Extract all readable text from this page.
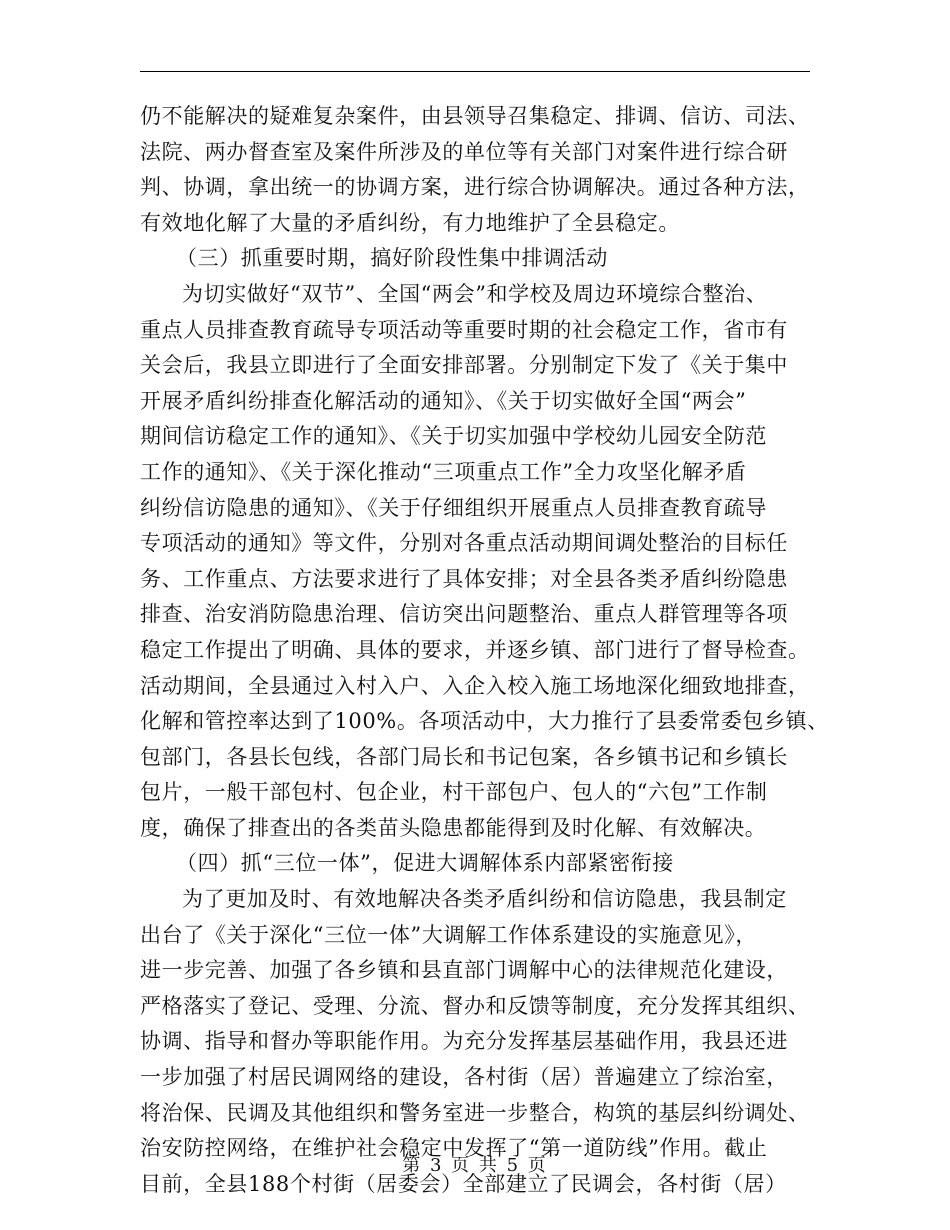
仍不能解决的疑难复杂案件，由县领导召集稳定、排调、信访、司法、
法院、两办督查室及案件所涉及的单位等有关部门对案件进行综合研
判、协调，拿出统一的协调方案，进行综合协调解决。通过各种方法，
有效地化解了大量的矛盾纠纷，有力地维护了全县稳定。
（三）抓重要时期，搞好阶段性集中排调活动
为切实做好“双节”、全国“两会”和学校及周边环境综合整治、
重点人员排查教育疏导专项活动等重要时期的社会稳定工作，省市有
关会后，我县立即进行了全面安排部署。分别制定下发了《关于集中
开展矛盾纠纷排查化解活动的通知》、《关于切实做好全国“两会”
期间信访稳定工作的通知》、《关于切实加强中学校幼儿园安全防范
工作的通知》、《关于深化推动“三项重点工作”全力攻坚化解矛盾
纠纷信访隐患的通知》、《关于仔细组织开展重点人员排查教育疏导
专项活动的通知》等文件，分别对各重点活动期间调处整治的目标任
务、工作重点、方法要求进行了具体安排；对全县各类矛盾纠纷隐患
排查、治安消防隐患治理、信访突出问题整治、重点人群管理等各项
稳定工作提出了明确、具体的要求，并逐乡镇、部门进行了督导检查。
活动期间，全县通过入村入户、入企入校入施工场地深化细致地排查，
化解和管控率达到了100%。各项活动中，大力推行了县委常委包乡镇、
包部门，各县长包线，各部门局长和书记包案，各乡镇书记和乡镇长
包片，一般干部包村、包企业，村干部包户、包人的“六包”工作制
度，确保了排查出的各类苗头隐患都能得到及时化解、有效解决。
（四）抓“三位一体”，促进大调解体系内部紧密衔接
为了更加及时、有效地解决各类矛盾纠纷和信访隐患，我县制定
出台了《关于深化“三位一体”大调解工作体系建设的实施意见》，
进一步完善、加强了各乡镇和县直部门调解中心的法律规范化建设，
严格落实了登记、受理、分流、督办和反馈等制度，充分发挥其组织、
协调、指导和督办等职能作用。为充分发挥基层基础作用，我县还进
一步加强了村居民调网络的建设，各村街（居）普遍建立了综治室，
将治保、民调及其他组织和警务室进一步整合，构筑的基层纠纷调处、
治安防控网络，在维护社会稳定中发挥了“第一道防线”作用。截止
目前，全县188个村街（居委会）全部建立了民调会，各村街（居）
第 3 页 共 5 页
